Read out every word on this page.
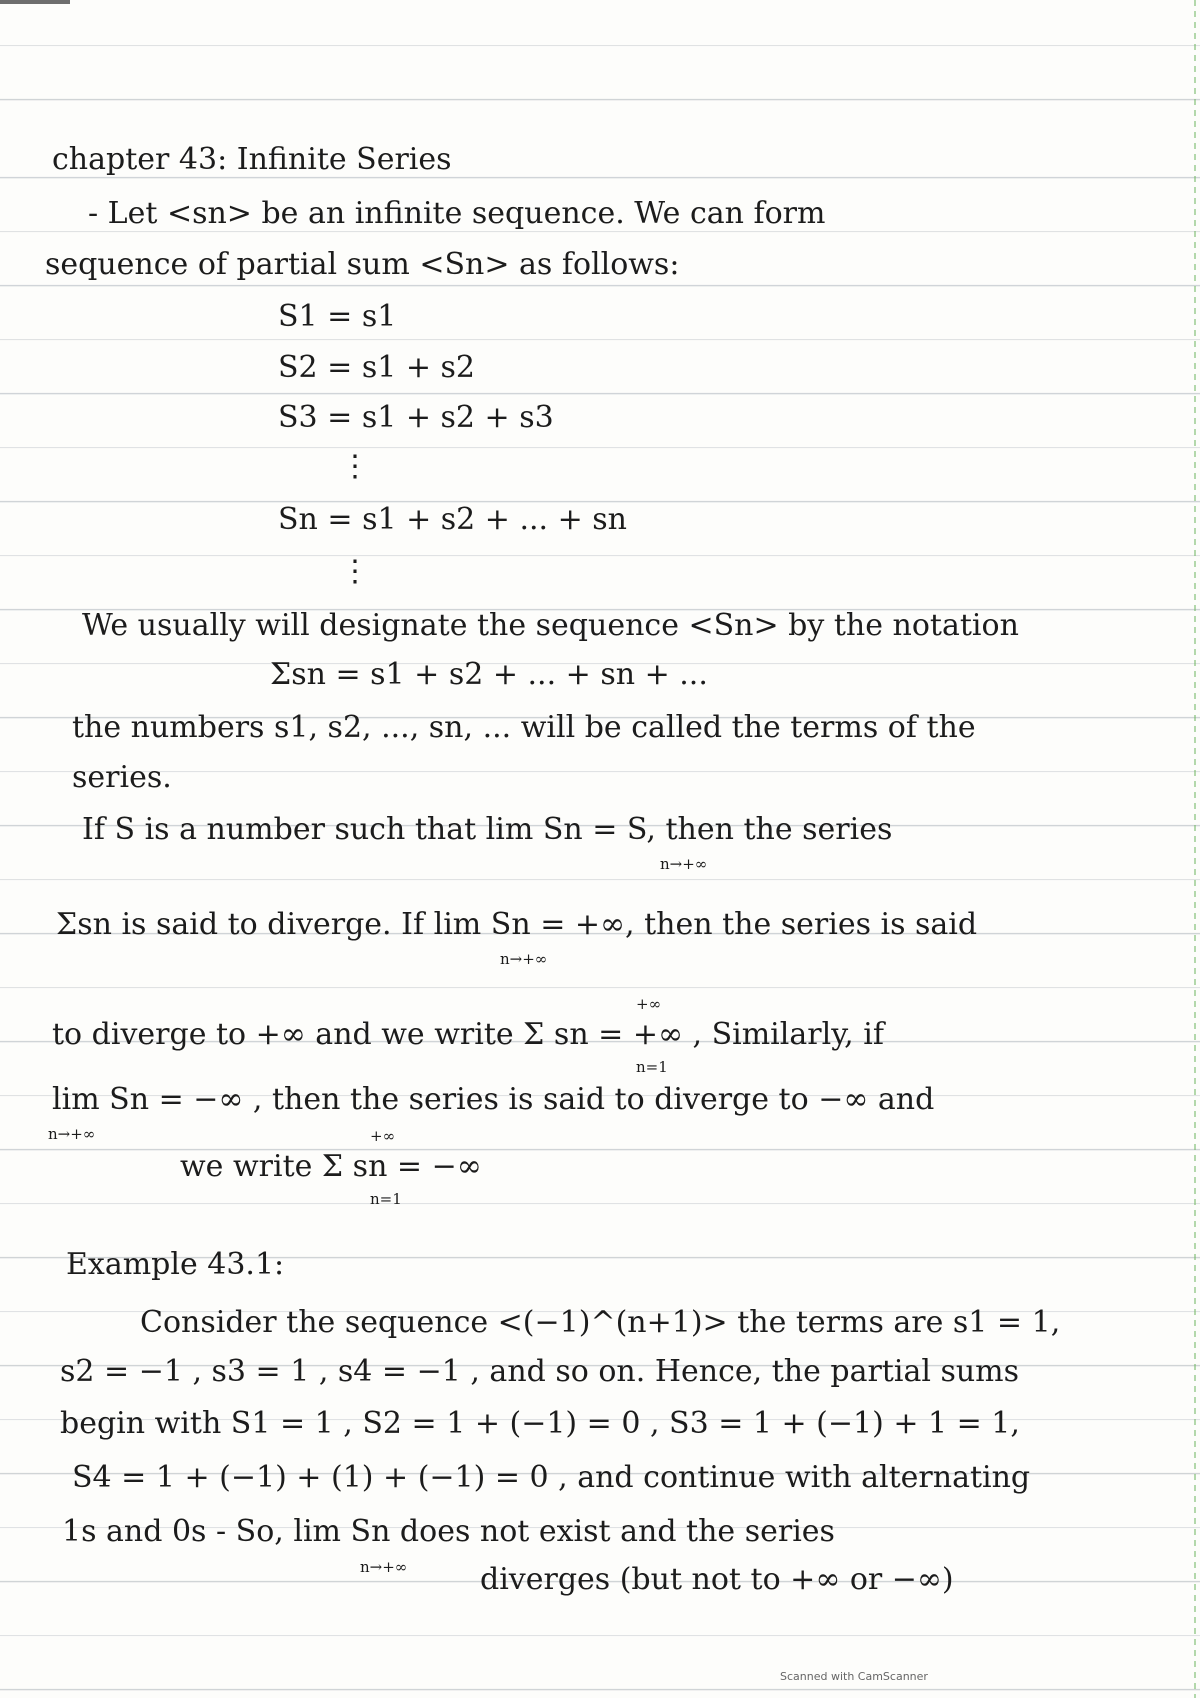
chapter 43: Infinite Series
- Let <sn> be an infinite sequence. We can form
sequence of partial sum <Sn> as follows:
S1 = s1
S2 = s1 + s2
S3 = s1 + s2 + s3
⋮
Sn = s1 + s2 + ... + sn
⋮
We usually will designate the sequence <Sn> by the notation
Σsn = s1 + s2 + ... + sn + ...
the numbers s1, s2, ..., sn, ... will be called the terms of the
series.
If S is a number such that lim Sn = S, then the series
n→+∞
Σsn is said to diverge. If lim Sn = +∞, then the series is said
n→+∞
+∞
to diverge to +∞ and we write Σ sn = +∞ , Similarly, if
n=1
lim Sn = −∞ , then the series is said to diverge to −∞ and
n→+∞	+∞
we write Σ sn = −∞
n=1
Example 43.1:
Consider the sequence <(−1)^(n+1)> the terms are s1 = 1,
s2 = −1 , s3 = 1 , s4 = −1 , and so on. Hence, the partial sums
begin with S1 = 1 , S2 = 1 + (−1) = 0 , S3 = 1 + (−1) + 1 = 1,
S4 = 1 + (−1) + (1) + (−1) = 0 , and continue with alternating
1s and 0s - So, lim Sn does not exist and the series
n→+∞ diverges (but not to +∞ or −∞)
Scanned with CamScanner
